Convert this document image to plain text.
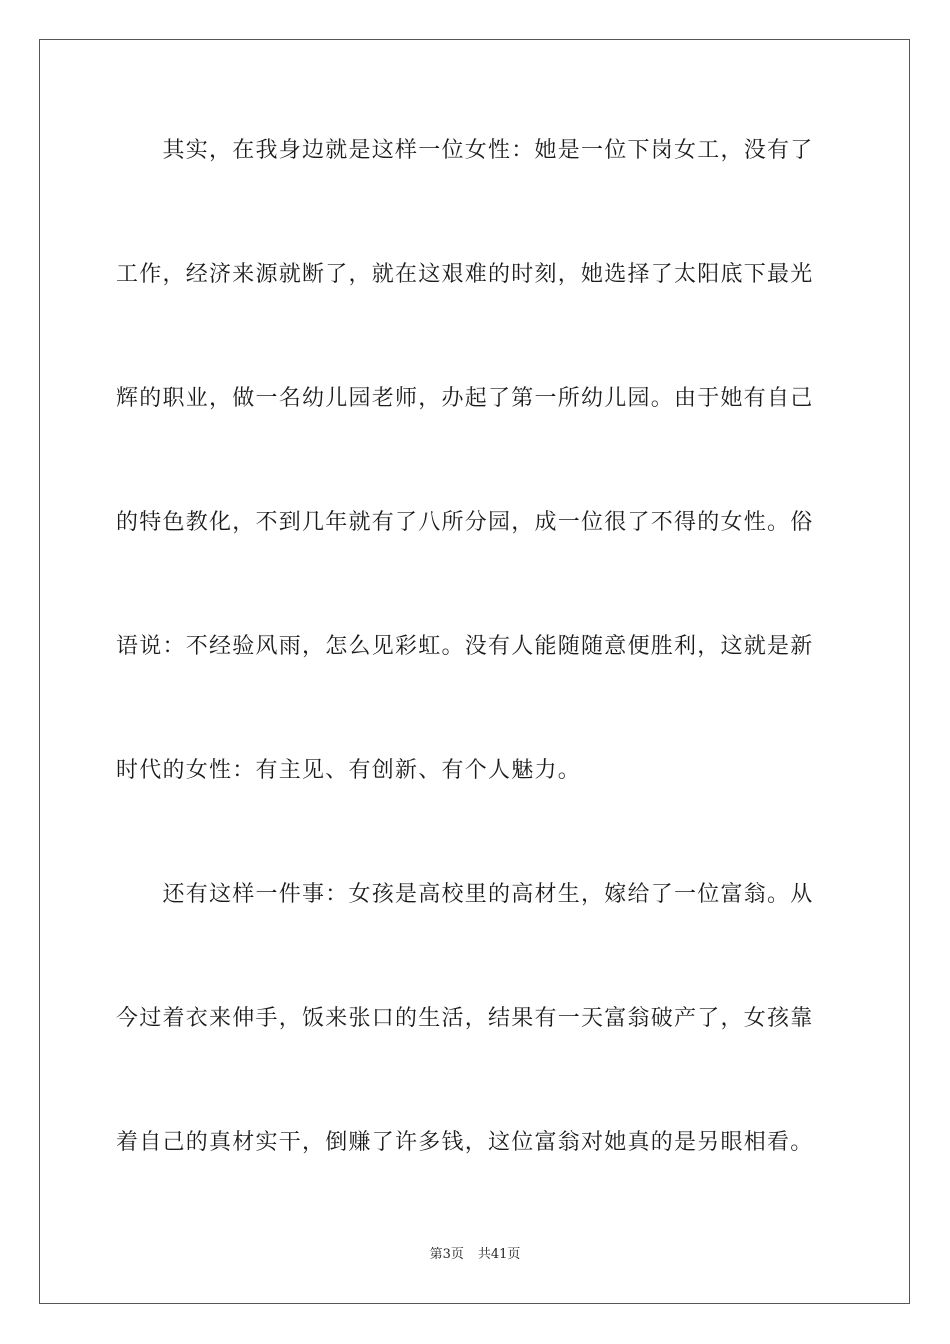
　　其实，在我身边就是这样一位女性：她是一位下岗女工，没有了
工作，经济来源就断了，就在这艰难的时刻，她选择了太阳底下最光
辉的职业，做一名幼儿园老师，办起了第一所幼儿园。由于她有自己
的特色教化，不到几年就有了八所分园，成一位很了不得的女性。俗
语说：不经验风雨，怎么见彩虹。没有人能随随意便胜利，这就是新
时代的女性：有主见、有创新、有个人魅力。
　　还有这样一件事：女孩是高校里的高材生，嫁给了一位富翁。从
今过着衣来伸手，饭来张口的生活，结果有一天富翁破产了，女孩靠
着自己的真材实干，倒赚了许多钱，这位富翁对她真的是另眼相看。
第3页 共41页
